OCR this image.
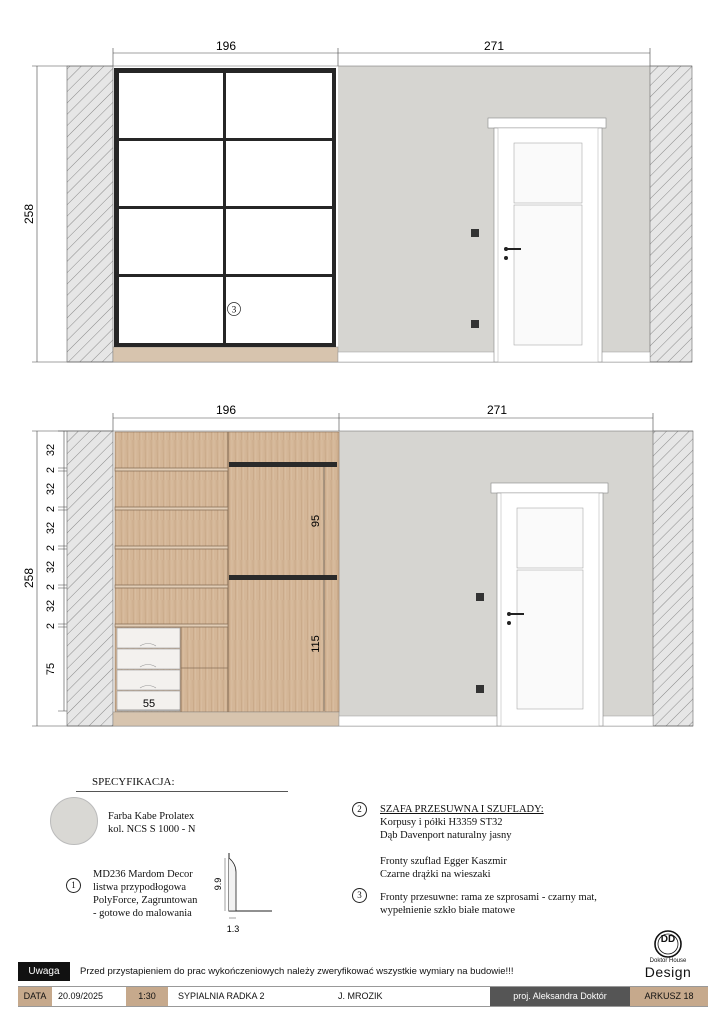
196	271
258
3
196	271
258
32
2
32
2
32
2
32
2
32
2
75
55
95
115
9.9
1.3
SPECYFIKACJA:
Farba Kabe Prolatex
kol. NCS S 1000 - N
1
MD236 Mardom Decor
listwa przypodłogowa
PolyForce, Zagruntowan
- gotowe do malowania
2	SZAFA PRZESUWNA I SZUFLADY:
Korpusy i półki H3359 ST32
Dąb Davenport naturalny jasny
Fronty szuflad Egger Kaszmir
Czarne drążki na wieszaki
3	Fronty przesuwne: rama ze szprosami - czarny mat,
wypełnienie szkło białe matowe
DD
Doktor House
Design
Uwaga	Przed przystapieniem do prac wykończeniowych należy zweryfikować wszystkie wymiary na budowie!!!
DATA	20.09/2025	1:30	SYPIALNIA RADKA 2	J. MROZIK	proj. Aleksandra Doktór	ARKUSZ 18
